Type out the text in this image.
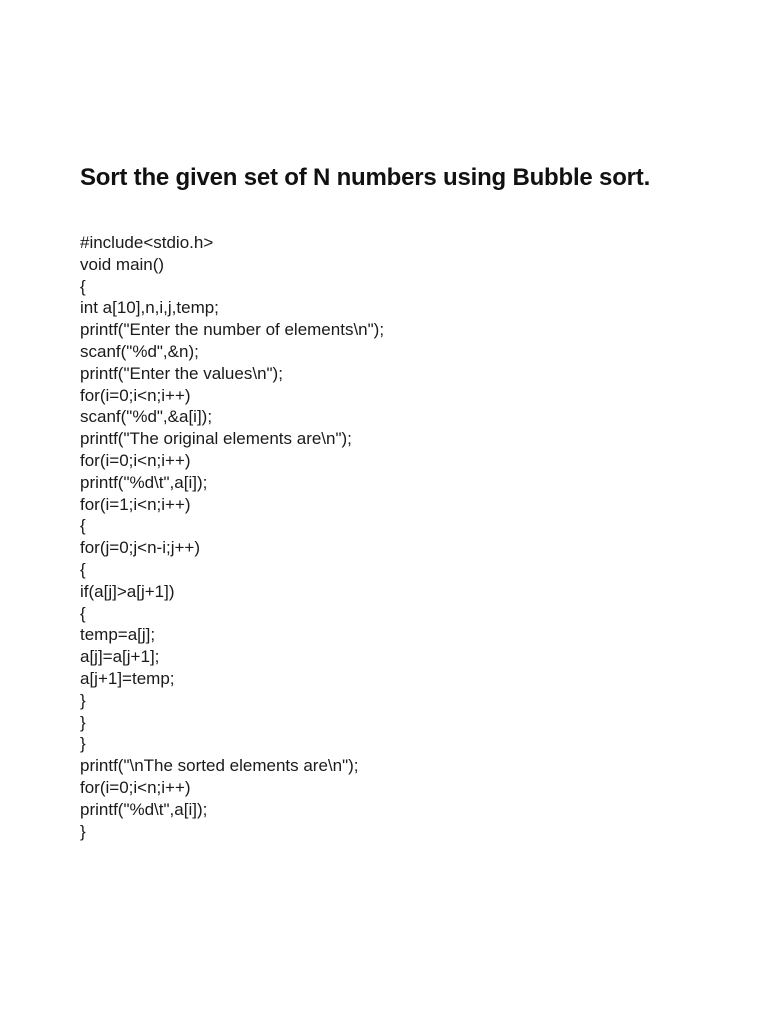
Sort the given set of N numbers using Bubble sort.
#include<stdio.h>
void main()
{
int a[10],n,i,j,temp;
printf("Enter the number of elements\n");
scanf("%d",&n);
printf("Enter the values\n");
for(i=0;i<n;i++)
scanf("%d",&a[i]);
printf("The original elements are\n");
for(i=0;i<n;i++)
printf("%d\t",a[i]);
for(i=1;i<n;i++)
{
for(j=0;j<n-i;j++)
{
if(a[j]>a[j+1])
{
temp=a[j];
a[j]=a[j+1];
a[j+1]=temp;
}
}
}
printf("\nThe sorted elements are\n");
for(i=0;i<n;i++)
printf("%d\t",a[i]);
}
